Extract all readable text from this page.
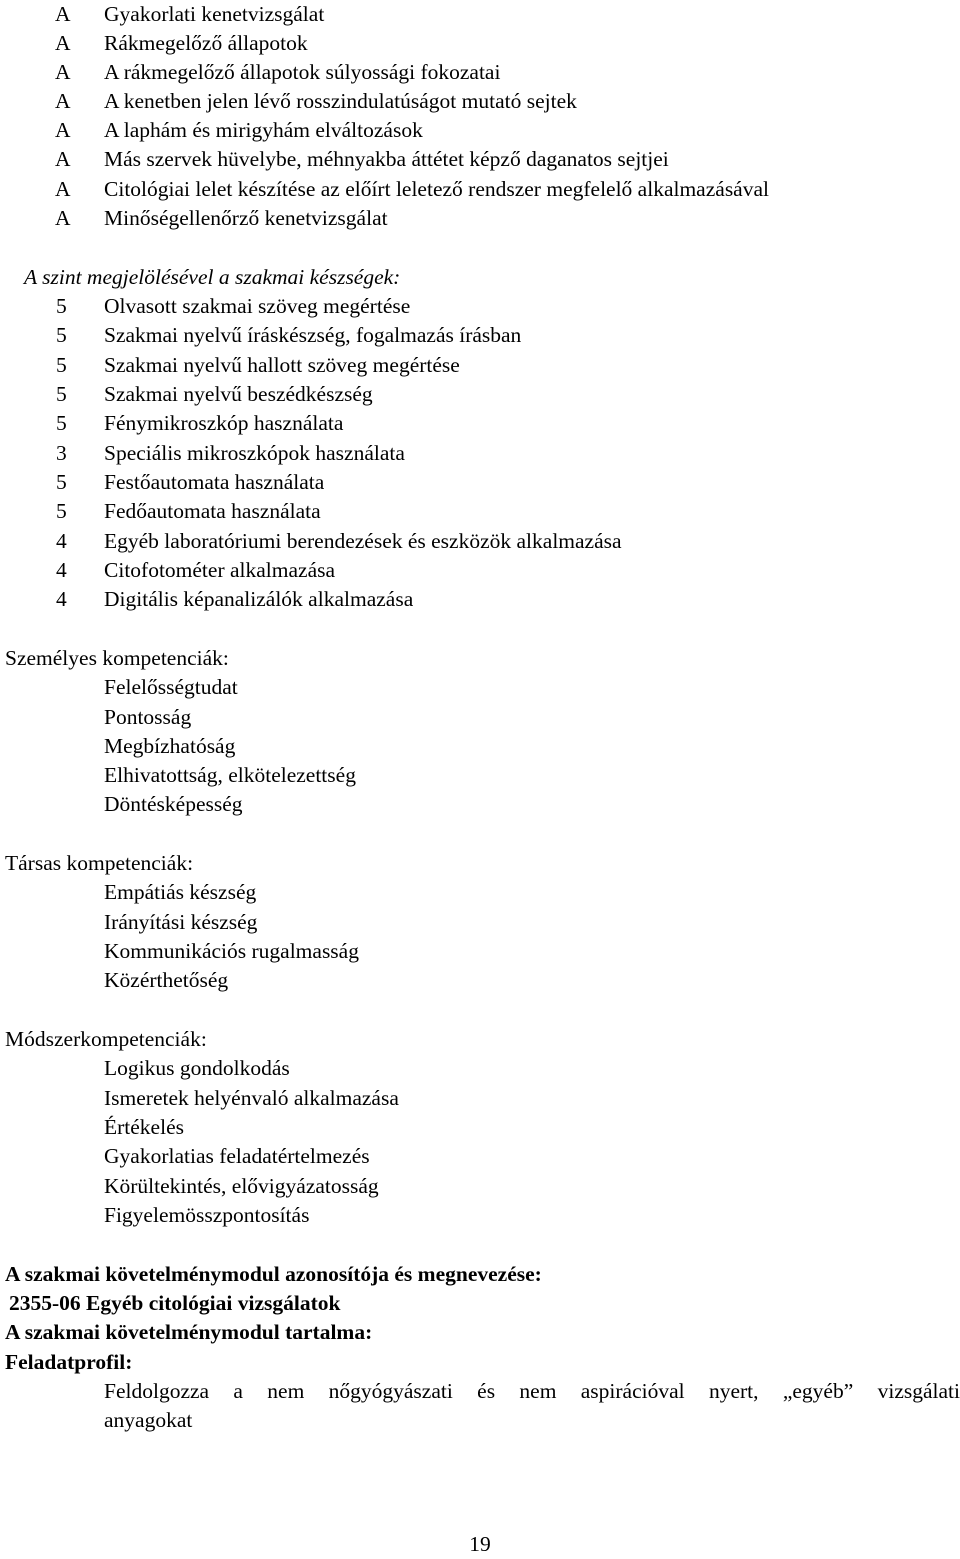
A Gyakorlati kenetvizsgálat
A Rákmegelőző állapotok
A A rákmegelőző állapotok súlyossági fokozatai
A A kenetben jelen lévő rosszindulatúságot mutató sejtek
A A laphám és mirigyhám elváltozások
A Más szervek hüvelybe, méhnyakba áttétet képző daganatos sejtjei
A Citológiai lelet készítése az előírt leletező rendszer megfelelő alkalmazásával
A Minőségellenőrző kenetvizsgálat
A szint megjelölésével a szakmai készségek:
5 Olvasott szakmai szöveg megértése
5 Szakmai nyelvű íráskészség, fogalmazás írásban
5 Szakmai nyelvű hallott szöveg megértése
5 Szakmai nyelvű beszédkészség
5 Fénymikroszkóp használata
3 Speciális mikroszkópok használata
5 Festőautomata használata
5 Fedőautomata használata
4 Egyéb laboratóriumi berendezések és eszközök alkalmazása
4 Citofotométer alkalmazása
4 Digitális képanalizálók alkalmazása
Személyes kompetenciák:
Felelősségtudat
Pontosság
Megbízhatóság
Elhivatottság, elkötelezettség
Döntésképesség
Társas kompetenciák:
Empátiás készség
Irányítási készség
Kommunikációs rugalmasság
Közérthetőség
Módszerkompetenciák:
Logikus gondolkodás
Ismeretek helyénvaló alkalmazása
Értékelés
Gyakorlatias feladatértelmezés
Körültekintés, elővigyázatosság
Figyelemösszpontosítás
A szakmai követelménymodul azonosítója és megnevezése:
2355-06 Egyéb citológiai vizsgálatok
A szakmai követelménymodul tartalma:
Feladatprofil:
Feldolgozza a nem nőgyógyászati és nem aspirációval nyert, „egyéb” vizsgálati
anyagokat
19
